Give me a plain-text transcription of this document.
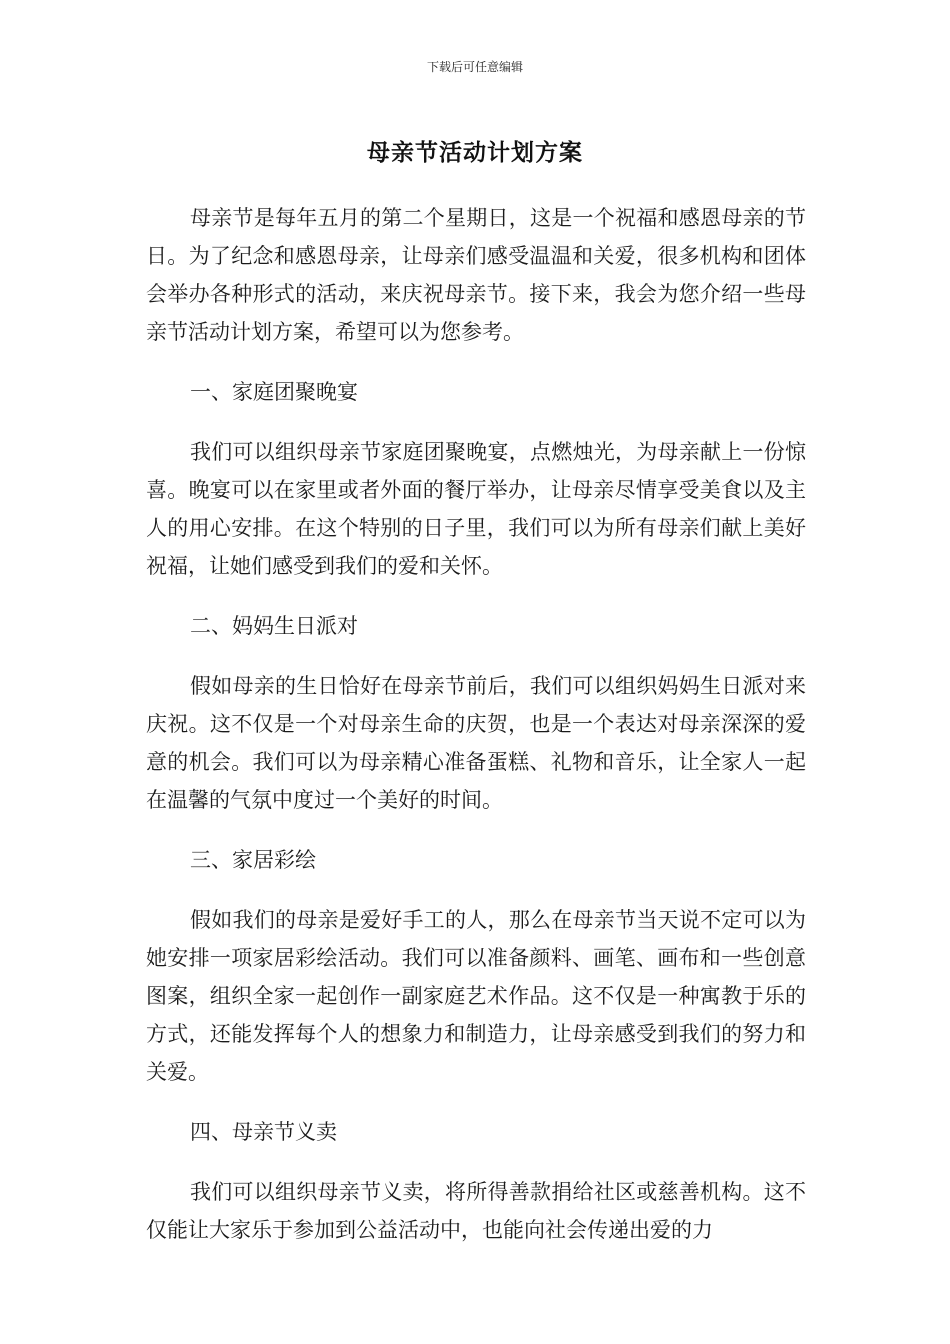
下载后可任意编辑
母亲节活动计划方案

母亲节是每年五月的第二个星期日，这是一个祝福和感恩母亲的节日。为了纪念和感恩母亲，让母亲们感受温温和关爱，很多机构和团体会举办各种形式的活动，来庆祝母亲节。接下来，我会为您介绍一些母亲节活动计划方案，希望可以为您参考。

一、家庭团聚晚宴

我们可以组织母亲节家庭团聚晚宴，点燃烛光，为母亲献上一份惊喜。晚宴可以在家里或者外面的餐厅举办，让母亲尽情享受美食以及主人的用心安排。在这个特别的日子里，我们可以为所有母亲们献上美好祝福，让她们感受到我们的爱和关怀。

二、妈妈生日派对

假如母亲的生日恰好在母亲节前后，我们可以组织妈妈生日派对来庆祝。这不仅是一个对母亲生命的庆贺，也是一个表达对母亲深深的爱意的机会。我们可以为母亲精心准备蛋糕、礼物和音乐，让全家人一起在温馨的气氛中度过一个美好的时间。

三、家居彩绘

假如我们的母亲是爱好手工的人，那么在母亲节当天说不定可以为她安排一项家居彩绘活动。我们可以准备颜料、画笔、画布和一些创意图案，组织全家一起创作一副家庭艺术作品。这不仅是一种寓教于乐的方式，还能发挥每个人的想象力和制造力，让母亲感受到我们的努力和关爱。

四、母亲节义卖

我们可以组织母亲节义卖，将所得善款捐给社区或慈善机构。这不仅能让大家乐于参加到公益活动中，也能向社会传递出爱的力
